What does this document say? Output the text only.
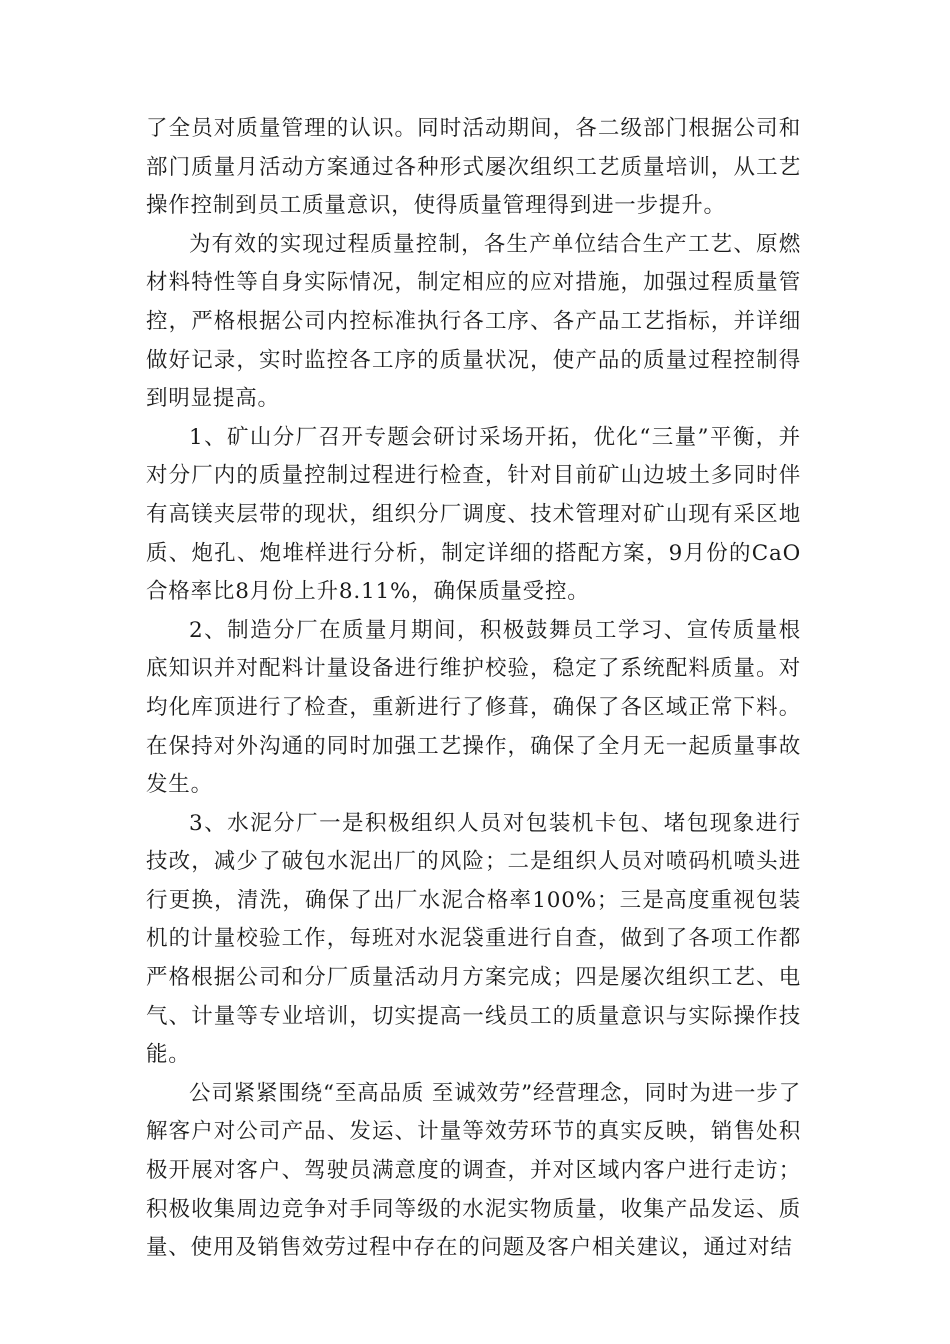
了全员对质量管理的认识。同时活动期间，各二级部门根据公司和部门质量月活动方案通过各种形式屡次组织工艺质量培训，从工艺操作控制到员工质量意识，使得质量管理得到进一步提升。

为有效的实现过程质量控制，各生产单位结合生产工艺、原燃材料特性等自身实际情况，制定相应的应对措施，加强过程质量管控，严格根据公司内控标准执行各工序、各产品工艺指标，并详细做好记录，实时监控各工序的质量状况，使产品的质量过程控制得到明显提高。

1、矿山分厂召开专题会研讨采场开拓，优化“三量”平衡，并对分厂内的质量控制过程进行检查，针对目前矿山边坡土多同时伴有高镁夹层带的现状，组织分厂调度、技术管理对矿山现有采区地质、炮孔、炮堆样进行分析，制定详细的搭配方案，9月份的CaO合格率比8月份上升8.11%，确保质量受控。

2、制造分厂在质量月期间，积极鼓舞员工学习、宣传质量根底知识并对配料计量设备进行维护校验，稳定了系统配料质量。对均化库顶进行了检查，重新进行了修葺，确保了各区域正常下料。在保持对外沟通的同时加强工艺操作，确保了全月无一起质量事故发生。

3、水泥分厂一是积极组织人员对包装机卡包、堵包现象进行技改，减少了破包水泥出厂的风险；二是组织人员对喷码机喷头进行更换，清洗，确保了出厂水泥合格率100%；三是高度重视包装机的计量校验工作，每班对水泥袋重进行自查，做到了各项工作都严格根据公司和分厂质量活动月方案完成；四是屡次组织工艺、电气、计量等专业培训，切实提高一线员工的质量意识与实际操作技能。

公司紧紧围绕“至高品质 至诚效劳”经营理念，同时为进一步了解客户对公司产品、发运、计量等效劳环节的真实反映，销售处积极开展对客户、驾驶员满意度的调查，并对区域内客户进行走访；积极收集周边竞争对手同等级的水泥实物质量，收集产品发运、质量、使用及销售效劳过程中存在的问题及客户相关建议，通过对结
